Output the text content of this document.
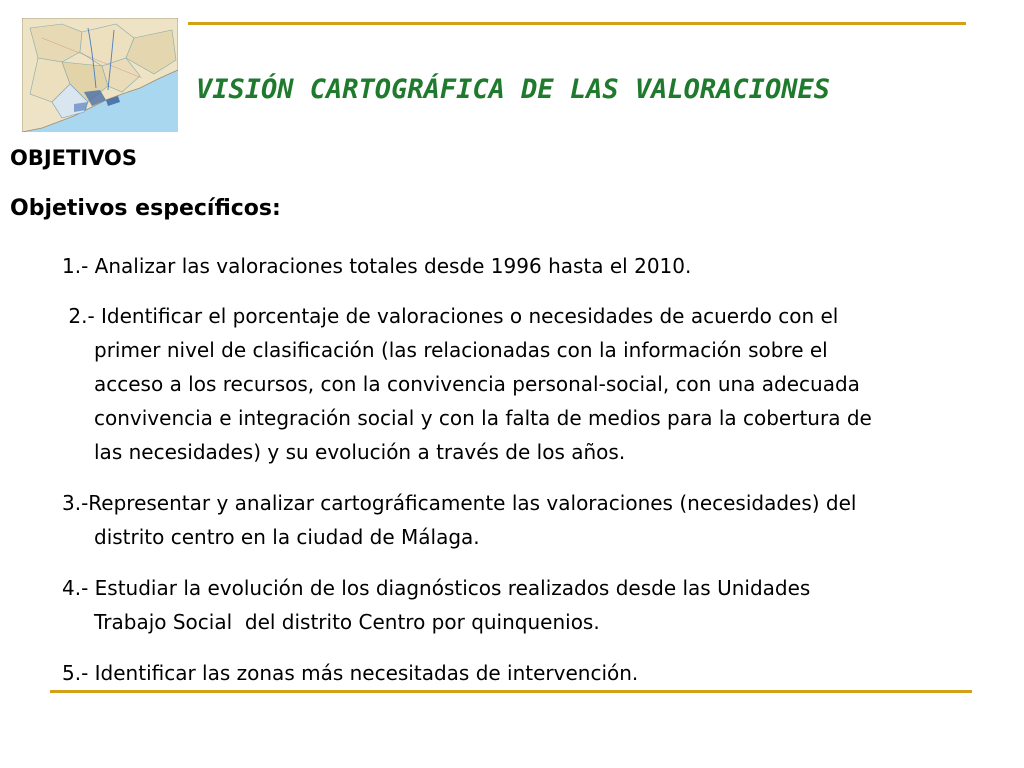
VISIÓN CARTOGRÁFICA DE LAS VALORACIONES
OBJETIVOS
Objetivos específicos:
1.- Analizar las valoraciones totales desde 1996 hasta el 2010.
2.- Identificar el porcentaje de valoraciones o necesidades de acuerdo con el
primer nivel de clasificación (las relacionadas con la información sobre el
acceso a los recursos, con la convivencia personal-social, con una adecuada
convivencia e integración social y con la falta de medios para la cobertura de
las necesidades) y su evolución a través de los años.
3.-Representar y analizar cartográficamente las valoraciones (necesidades) del
distrito centro en la ciudad de Málaga.
4.- Estudiar la evolución de los diagnósticos realizados desde las Unidades
Trabajo Social  del distrito Centro por quinquenios.
5.- Identificar las zonas más necesitadas de intervención.
